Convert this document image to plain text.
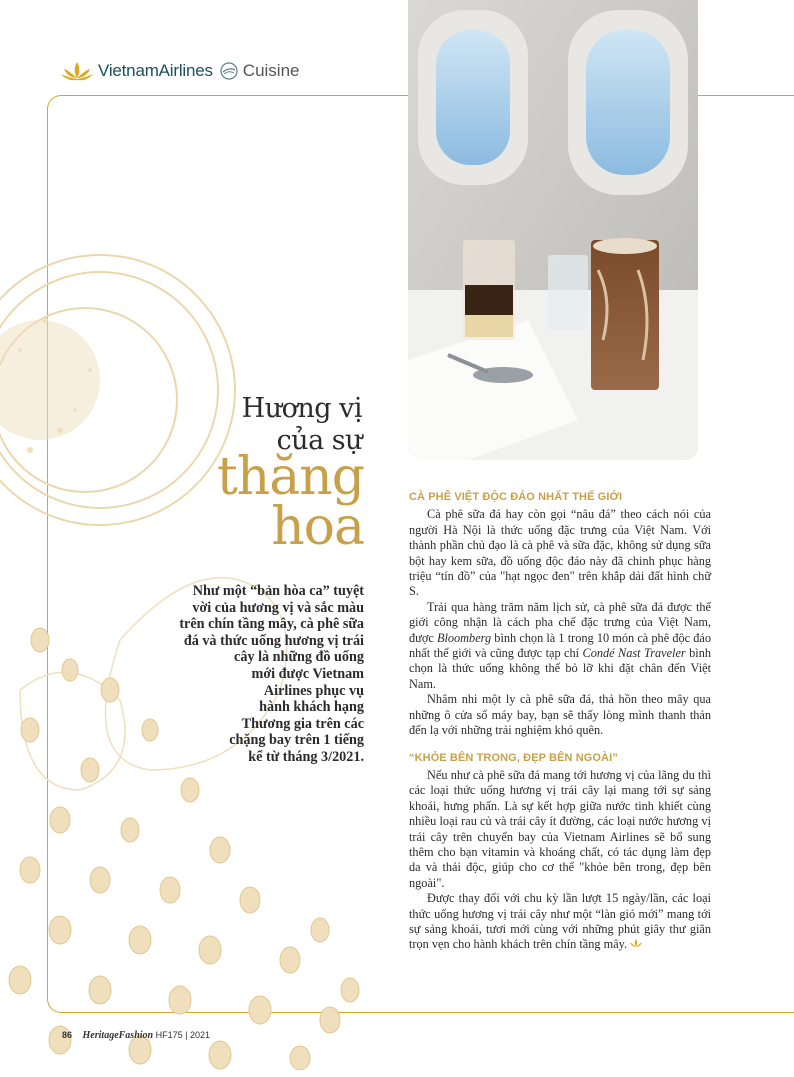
VietnamAirlines Cuisine
Hương vị
của sự
thăng
hoa
Như một “bản hòa ca” tuyệt
vời của hương vị và sắc màu
trên chín tầng mây, cà phê sữa
đá và thức uống hương vị trái
cây là những đồ uống
mới được Vietnam
Airlines phục vụ
hành khách hạng
Thương gia trên các
chặng bay trên 1 tiếng
kể từ tháng 3/2021.
CÀ PHÊ VIỆT ĐỘC ĐÁO NHẤT THẾ GIỚI

Cà phê sữa đá hay còn gọi “nâu đá” theo cách nói của người Hà Nội là thức uống đặc trưng của Việt Nam. Với thành phần chủ đạo là cà phê và sữa đặc, không sử dụng sữa bột hay kem sữa, đồ uống độc đáo này đã chinh phục hàng triệu “tín đồ” của "hạt ngọc đen" trên khắp dải đất hình chữ S.

Trải qua hàng trăm năm lịch sử, cà phê sữa đá được thế giới công nhận là cách pha chế đặc trưng của Việt Nam, được Bloomberg bình chọn là 1 trong 10 món cà phê độc đáo nhất thế giới và cũng được tạp chí Condé Nast Traveler bình chọn là thức uống không thể bỏ lỡ khi đặt chân đến Việt Nam.

Nhâm nhi một ly cà phê sữa đá, thả hồn theo mây qua những ô cửa sổ máy bay, bạn sẽ thấy lòng mình thanh thản đến lạ với những trải nghiệm khó quên.

“KHỎE BÊN TRONG, ĐẸP BÊN NGOÀI”

Nếu như cà phê sữa đá mang tới hương vị của lãng du thì các loại thức uống hương vị trái cây lại mang tới sự sảng khoái, hưng phấn. Là sự kết hợp giữa nước tinh khiết cùng nhiều loại rau củ và trái cây ít đường, các loại nước hương vị trái cây trên chuyến bay của Vietnam Airlines sẽ bổ sung thêm cho bạn vitamin và khoáng chất, có tác dụng làm đẹp da và thải độc, giúp cho cơ thể "khỏe bên trong, đẹp bên ngoài".

Được thay đổi với chu kỳ lần lượt 15 ngày/lần, các loại thức uống hương vị trái cây như một “làn gió mới” mang tới sự sảng khoái, tươi mới cùng với những phút giây thư giãn trọn vẹn cho hành khách trên chín tầng mây.

86 HeritageFashion HF175 | 2021
